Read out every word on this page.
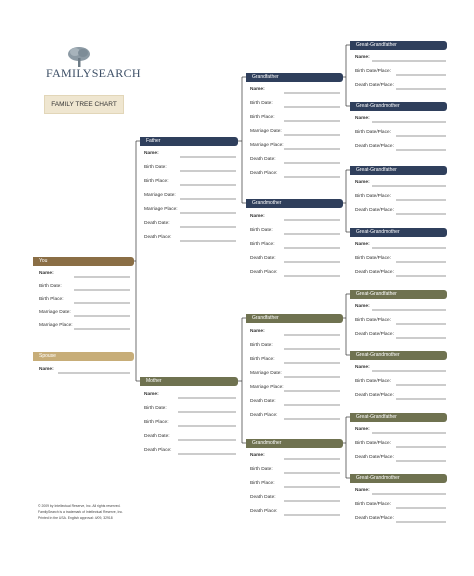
FAMILYSEARCH
FAMILY TREE CHART
You
Name:
Birth Date:
Birth Place:
Marriage Date:
Marriage Place:
Spouse
Name:
Father
Name:
Birth Date:
Birth Place:
Marriage Date:
Marriage Place:
Death Date:
Death Place:
Mother
Name:
Birth Date:
Birth Place:
Death Date:
Death Place:
Grandfather
Name:
Birth Date:
Birth Place:
Marriage Date:
Marriage Place:
Death Date:
Death Place:
Grandmother
Name:
Birth Date:
Birth Place:
Death Date:
Death Place:
Grandfather
Name:
Birth Date:
Birth Place:
Marriage Date:
Marriage Place:
Death Date:
Death Place:
Grandmother
Name:
Birth Date:
Birth Place:
Death Date:
Death Place:
Great-Grandfather
Name:
Birth Date/Place:
Death Date/Place:
Great-Grandmother
Name:
Birth Date/Place:
Death Date/Place:
Great-Grandfather
Name:
Birth Date/Place:
Death Date/Place:
Great-Grandmother
Name:
Birth Date/Place:
Death Date/Place:
Great-Grandfather
Name:
Birth Date/Place:
Death Date/Place:
Great-Grandmother
Name:
Birth Date/Place:
Death Date/Place:
Great-Grandfather
Name:
Birth Date/Place:
Death Date/Place:
Great-Grandmother
Name:
Birth Date/Place:
Death Date/Place:
© 2009 by Intellectual Reserve, Inc. All rights reserved.
FamilySearch is a trademark of Intellectual Reserve, Inc.
Printed in the USA. English approval: 4/09, 32918
